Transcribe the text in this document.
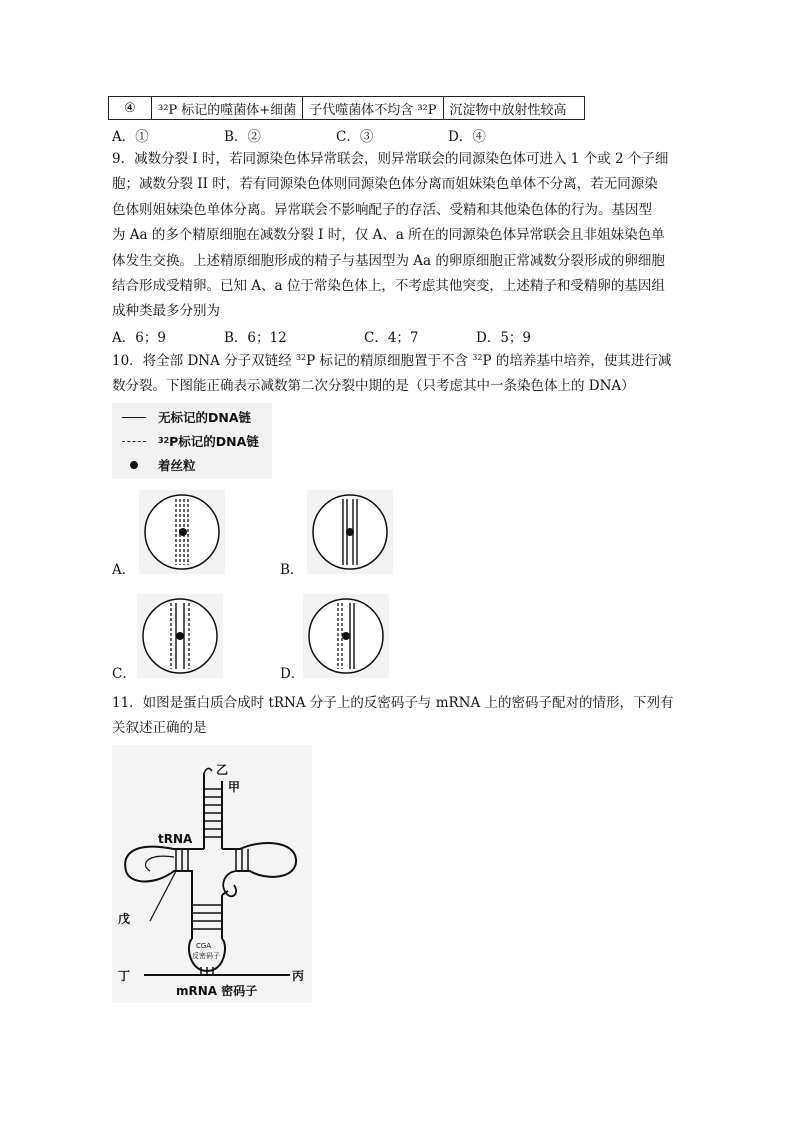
④	³²P 标记的噬菌体+细菌	子代噬菌体不均含 ³²P	沉淀物中放射性较高
A．①	B．②	C．③	D．④
9．减数分裂 I 时，若同源染色体异常联会，则异常联会的同源染色体可进入 1 个或 2 个子细
胞；减数分裂 II 时，若有同源染色体则同源染色体分离而姐妹染色单体不分离，若无同源染
色体则姐妹染色单体分离。异常联会不影响配子的存活、受精和其他染色体的行为。基因型
为 Aa 的多个精原细胞在减数分裂 I 时，仅 A、a 所在的同源染色体异常联会且非姐妹染色单
体发生交换。上述精原细胞形成的精子与基因型为 Aa 的卵原细胞正常减数分裂形成的卵细胞
结合形成受精卵。已知 A、a 位于常染色体上，不考虑其他突变，上述精子和受精卵的基因组
成种类最多分别为
A．6；9	B．6；12	C．4；7	D．5；9
10．将全部 DNA 分子双链经 $^{32}$P 标记的精原细胞置于不含 $^{32}$P 的培养基中培养，使其进行减
数分裂。下图能正确表示减数第二次分裂中期的是（只考虑其中一条染色体上的 DNA）
无标记的DNA链
32 P标记的DNA链
着丝粒
A．	B．
C．	D．
11．如图是蛋白质合成时 tRNA 分子上的反密码子与 mRNA 上的密码子配对的情形，下列有
关叙述正确的是
乙
甲
tRNA
戊
CGA
反密码子
丁	丙
mRNA 密码子
